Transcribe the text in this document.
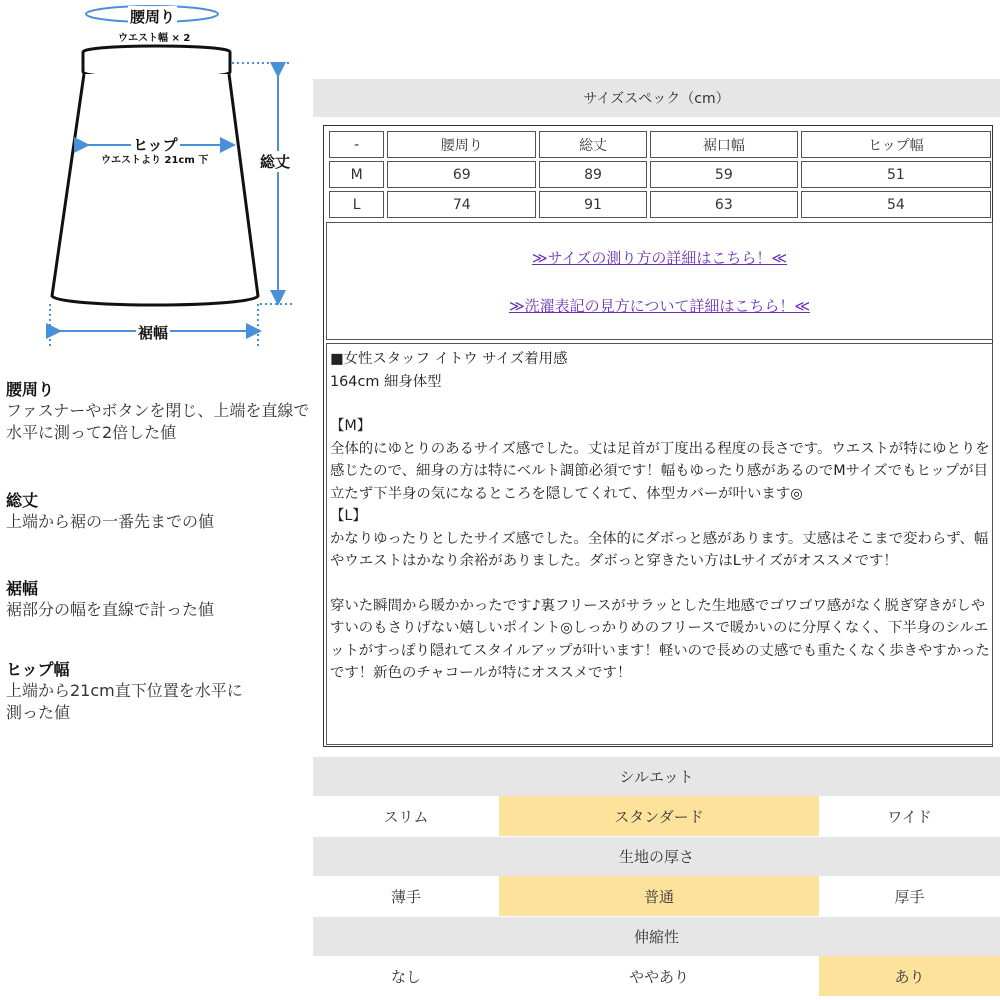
腰周り
ウエスト幅 × 2
ヒップ
ウエストより 21cm 下	総丈
裾幅
腰周り
ファスナーやボタンを閉じ、上端を直線で水平に測って2倍した値
総丈
上端から裾の一番先までの値
裾幅
裾部分の幅を直線で計った値
ヒップ幅
上端から21cm直下位置を水平に測った値
サイズスペック（cm）
-	腰周り	総丈	裾口幅	ヒップ幅
M	69	89	59	51
L	74	91	63	54
≫サイズの測り方の詳細はこちら！≪
≫洗濯表記の見方について詳細はこちら！≪

■女性スタッフ イトウ サイズ着用感

164cm 細身体型

【M】

全体的にゆとりのあるサイズ感でした。丈は足首が丁度出る程度の長さです。ウエストが特にゆとりを感じたので、細身の方は特にベルト調節必須です！幅もゆったり感があるのでMサイズでもヒップが目立たず下半身の気になるところを隠してくれて、体型カバーが叶います◎

【L】

かなりゆったりとしたサイズ感でした。全体的にダボっと感があります。丈感はそこまで変わらず、幅やウエストはかなり余裕がありました。ダボっと穿きたい方はLサイズがオススメです！

穿いた瞬間から暖かかったです♪裏フリースがサラッとした生地感でゴワゴワ感がなく脱ぎ穿きがしやすいのもさりげない嬉しいポイント◎しっかりめのフリースで暖かいのに分厚くなく、下半身のシルエットがすっぽり隠れてスタイルアップが叶います！軽いので長めの丈感でも重たくなく歩きやすかったです！新色のチャコールが特にオススメです！

シルエット
スリム	スタンダード	ワイド
生地の厚さ
薄手	普通	厚手
伸縮性
なし	ややあり	あり
